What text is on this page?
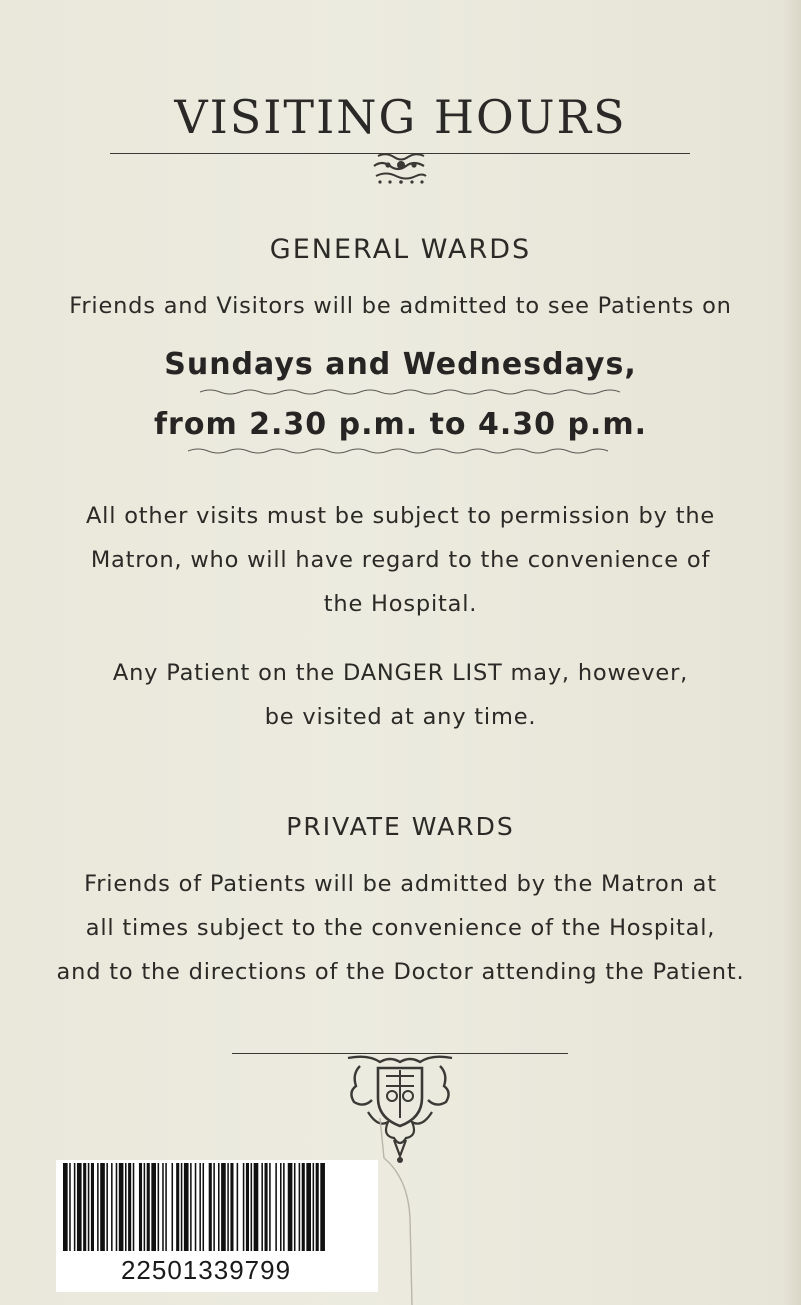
VISITING HOURS
GENERAL WARDS
Friends and Visitors will be admitted to see Patients on
Sundays and Wednesdays,
from 2.30 p.m. to 4.30 p.m.
All other visits must be subject to permission by the
Matron, who will have regard to the convenience of
the Hospital.
Any Patient on the DANGER LIST may, however,
be visited at any time.
PRIVATE WARDS
Friends of Patients will be admitted by the Matron at
all times subject to the convenience of the Hospital,
and to the directions of the Doctor attending the Patient.
22501339799
